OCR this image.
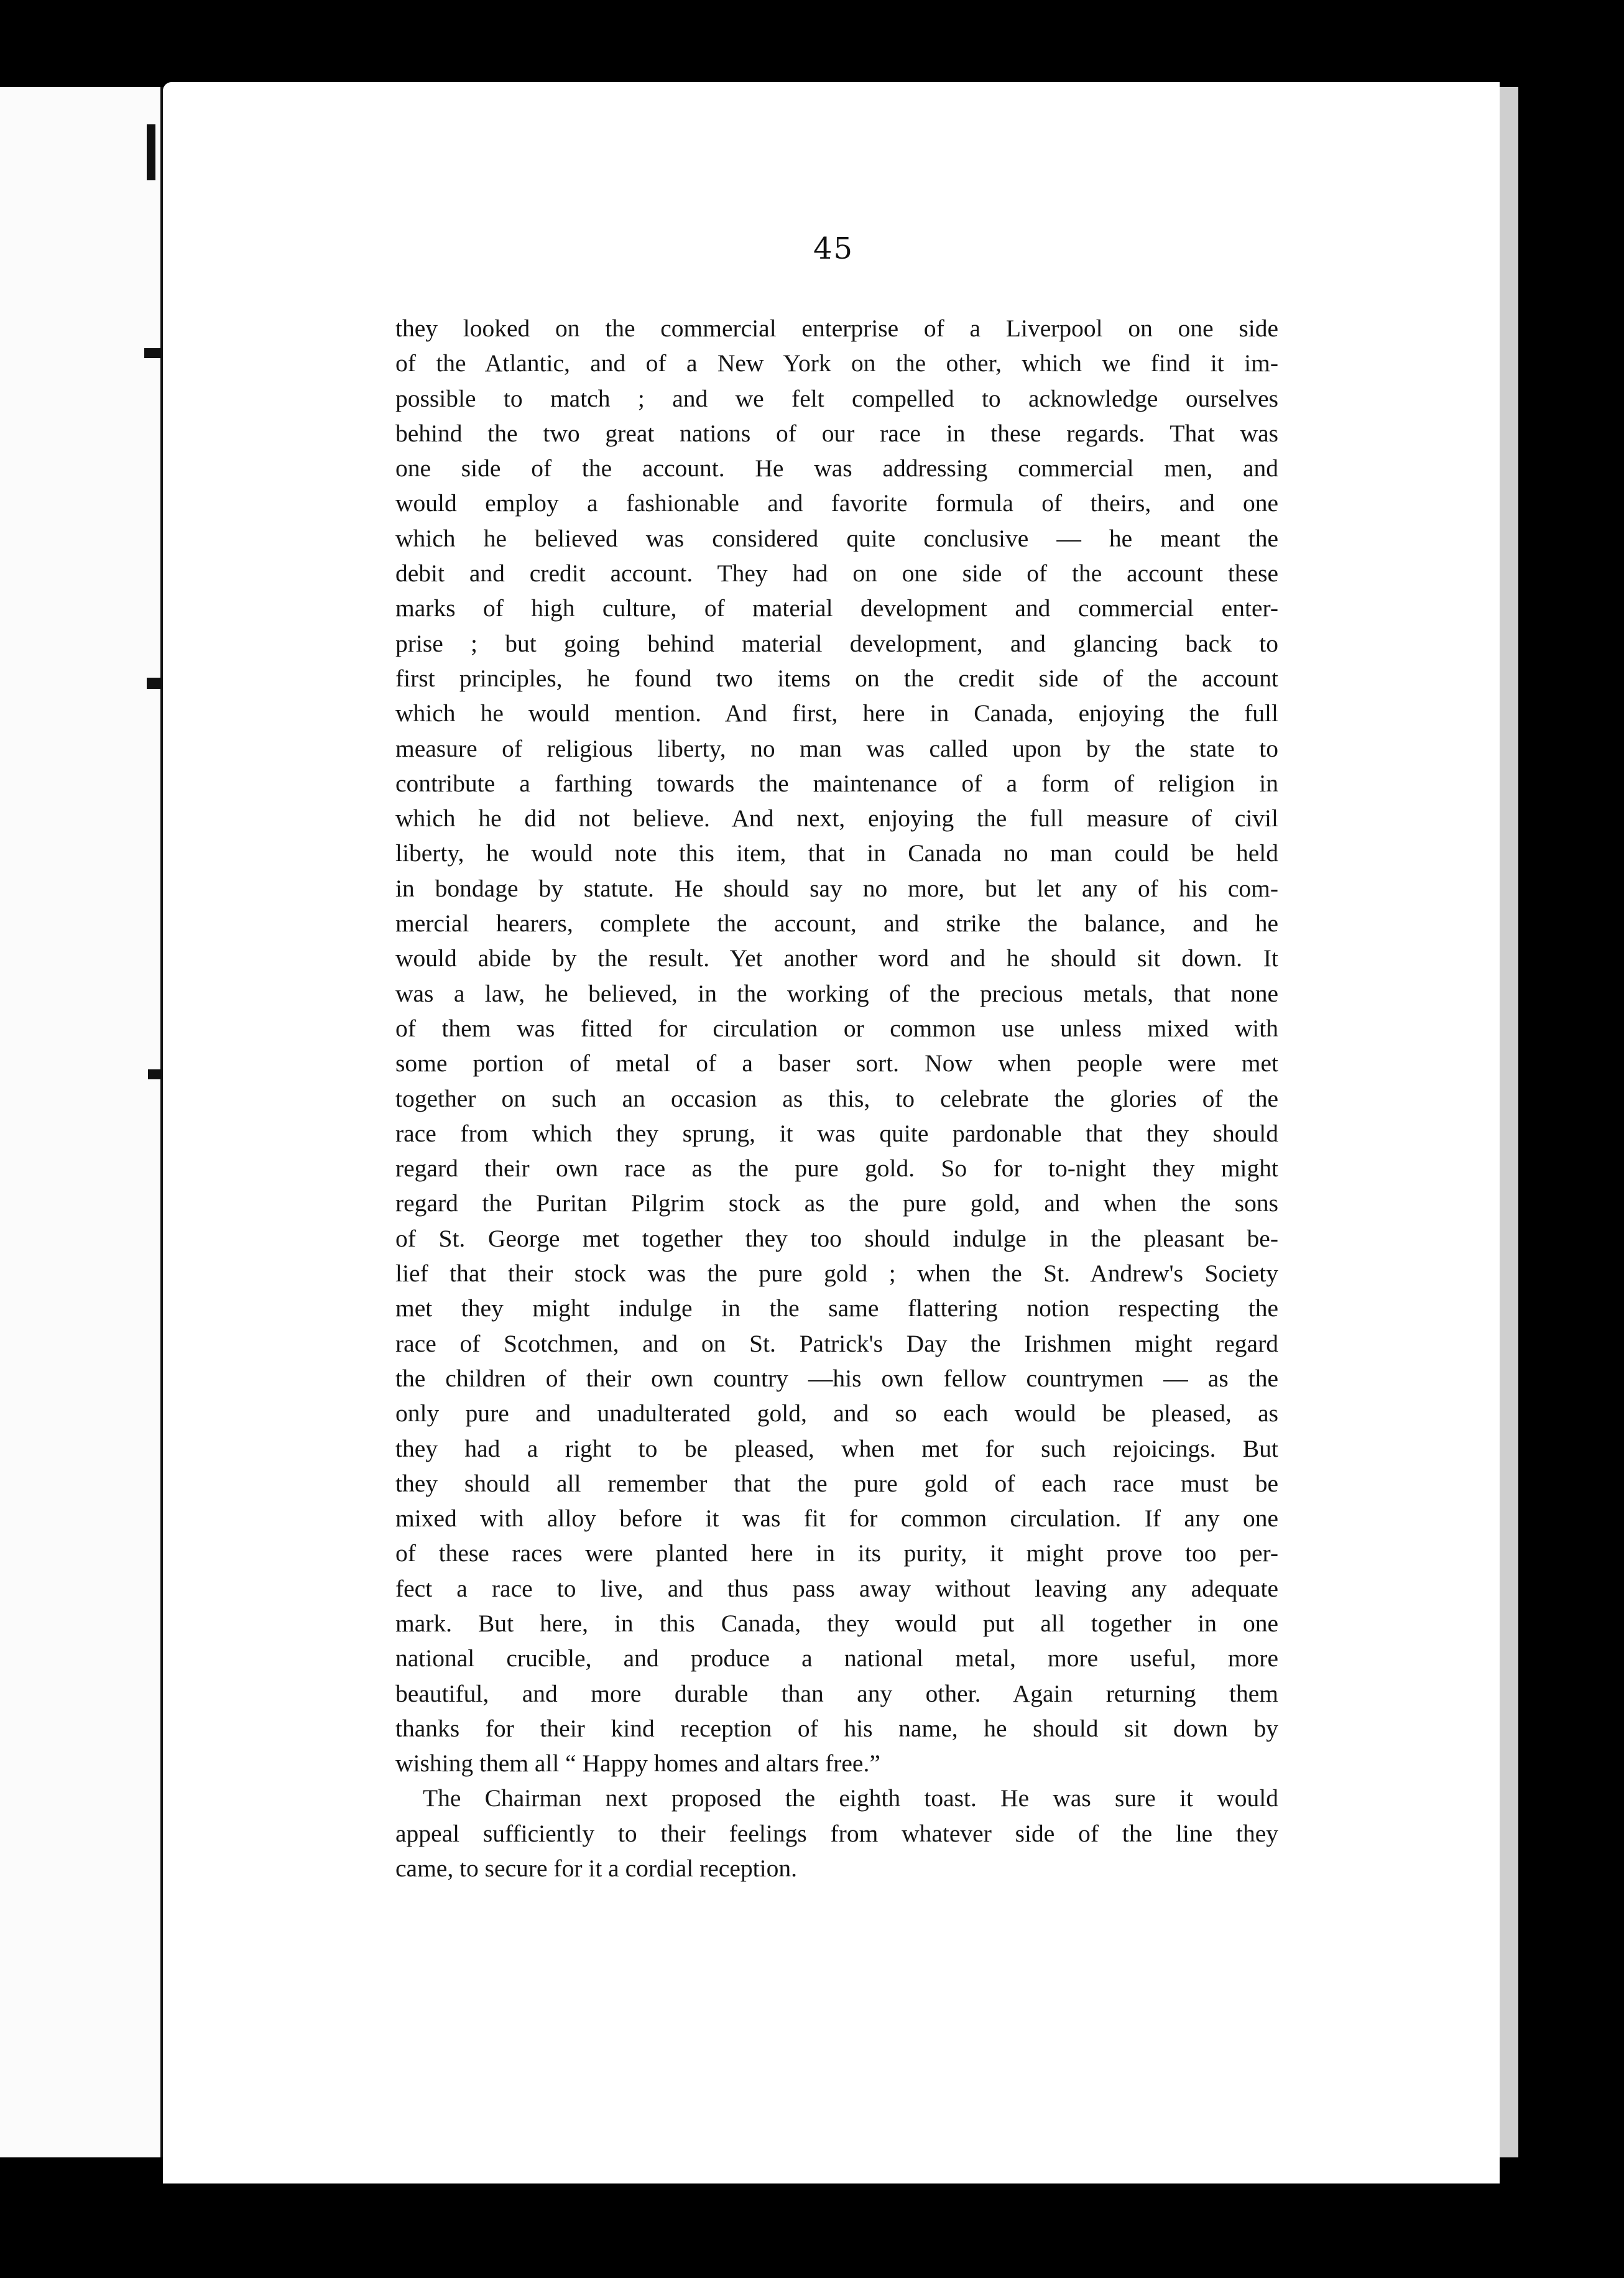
45
they looked on the commercial enterprise of a Liverpool on one side
of the Atlantic, and of a New York on the other, which we find it im-
possible to match ; and we felt compelled to acknowledge ourselves
behind the two great nations of our race in these regards. That was
one side of the account. He was addressing commercial men, and
would employ a fashionable and favorite formula of theirs, and one
which he believed was considered quite conclusive — he meant the
debit and credit account. They had on one side of the account these
marks of high culture, of material development and commercial enter-
prise ; but going behind material development, and glancing back to
first principles, he found two items on the credit side of the account
which he would mention. And first, here in Canada, enjoying the full
measure of religious liberty, no man was called upon by the state to
contribute a farthing towards the maintenance of a form of religion in
which he did not believe. And next, enjoying the full measure of civil
liberty, he would note this item, that in Canada no man could be held
in bondage by statute. He should say no more, but let any of his com-
mercial hearers, complete the account, and strike the balance, and he
would abide by the result. Yet another word and he should sit down. It
was a law, he believed, in the working of the precious metals, that none
of them was fitted for circulation or common use unless mixed with
some portion of metal of a baser sort. Now when people were met
together on such an occasion as this, to celebrate the glories of the
race from which they sprung, it was quite pardonable that they should
regard their own race as the pure gold. So for to-night they might
regard the Puritan Pilgrim stock as the pure gold, and when the sons
of St. George met together they too should indulge in the pleasant be-
lief that their stock was the pure gold ; when the St. Andrew's Society
met they might indulge in the same flattering notion respecting the
race of Scotchmen, and on St. Patrick's Day the Irishmen might regard
the children of their own country —his own fellow countrymen — as the
only pure and unadulterated gold, and so each would be pleased, as
they had a right to be pleased, when met for such rejoicings. But
they should all remember that the pure gold of each race must be
mixed with alloy before it was fit for common circulation. If any one
of these races were planted here in its purity, it might prove too per-
fect a race to live, and thus pass away without leaving any adequate
mark. But here, in this Canada, they would put all together in one
national crucible, and produce a national metal, more useful, more
beautiful, and more durable than any other. Again returning them
thanks for their kind reception of his name, he should sit down by
wishing them all “ Happy homes and altars free.”
The Chairman next proposed the eighth toast. He was sure it would
appeal sufficiently to their feelings from whatever side of the line they
came, to secure for it a cordial reception.
